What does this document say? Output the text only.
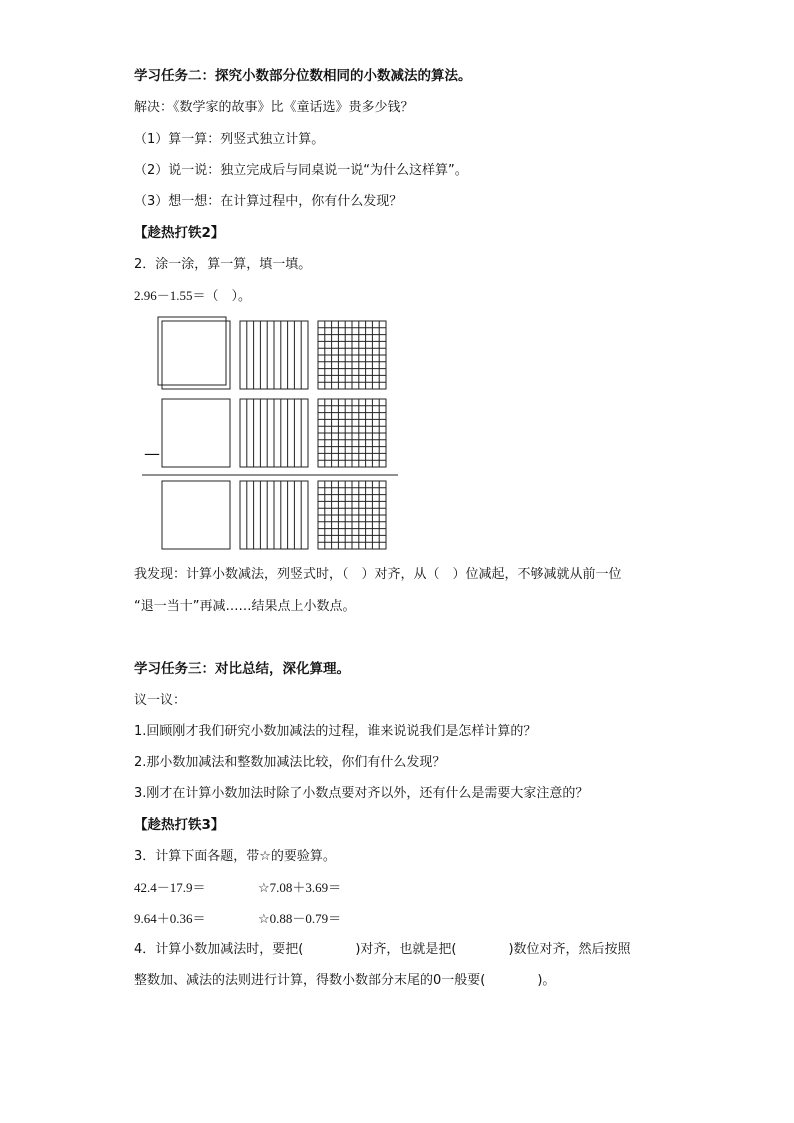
学习任务二：探究小数部分位数相同的小数减法的算法。
解决：《数学家的故事》比《童话选》贵多少钱？
（1）算一算：列竖式独立计算。
（2）说一说：独立完成后与同桌说一说“为什么这样算”。
（3）想一想：在计算过程中，你有什么发现？
【趁热打铁2】
2．涂一涂，算一算，填一填。
2.96－1.55＝（　）。
—
我发现：计算小数减法，列竖式时，（　）对齐，从（　）位减起，不够减就从前一位
“退一当十”再减……结果点上小数点。
学习任务三：对比总结，深化算理。
议一议：
1.回顾刚才我们研究小数加减法的过程，谁来说说我们是怎样计算的？
2.那小数加减法和整数加减法比较，你们有什么发现？
3.刚才在计算小数加法时除了小数点要对齐以外，还有什么是需要大家注意的？
【趁热打铁3】
3．计算下面各题，带☆的要验算。
42.4－17.9＝	☆7.08＋3.69＝
9.64＋0.36＝	☆0.88－0.79＝
4．计算小数加减法时，要把(　　　　)对齐，也就是把(　　　　)数位对齐，然后按照
整数加、减法的法则进行计算，得数小数部分末尾的0一般要(　　　　)。
